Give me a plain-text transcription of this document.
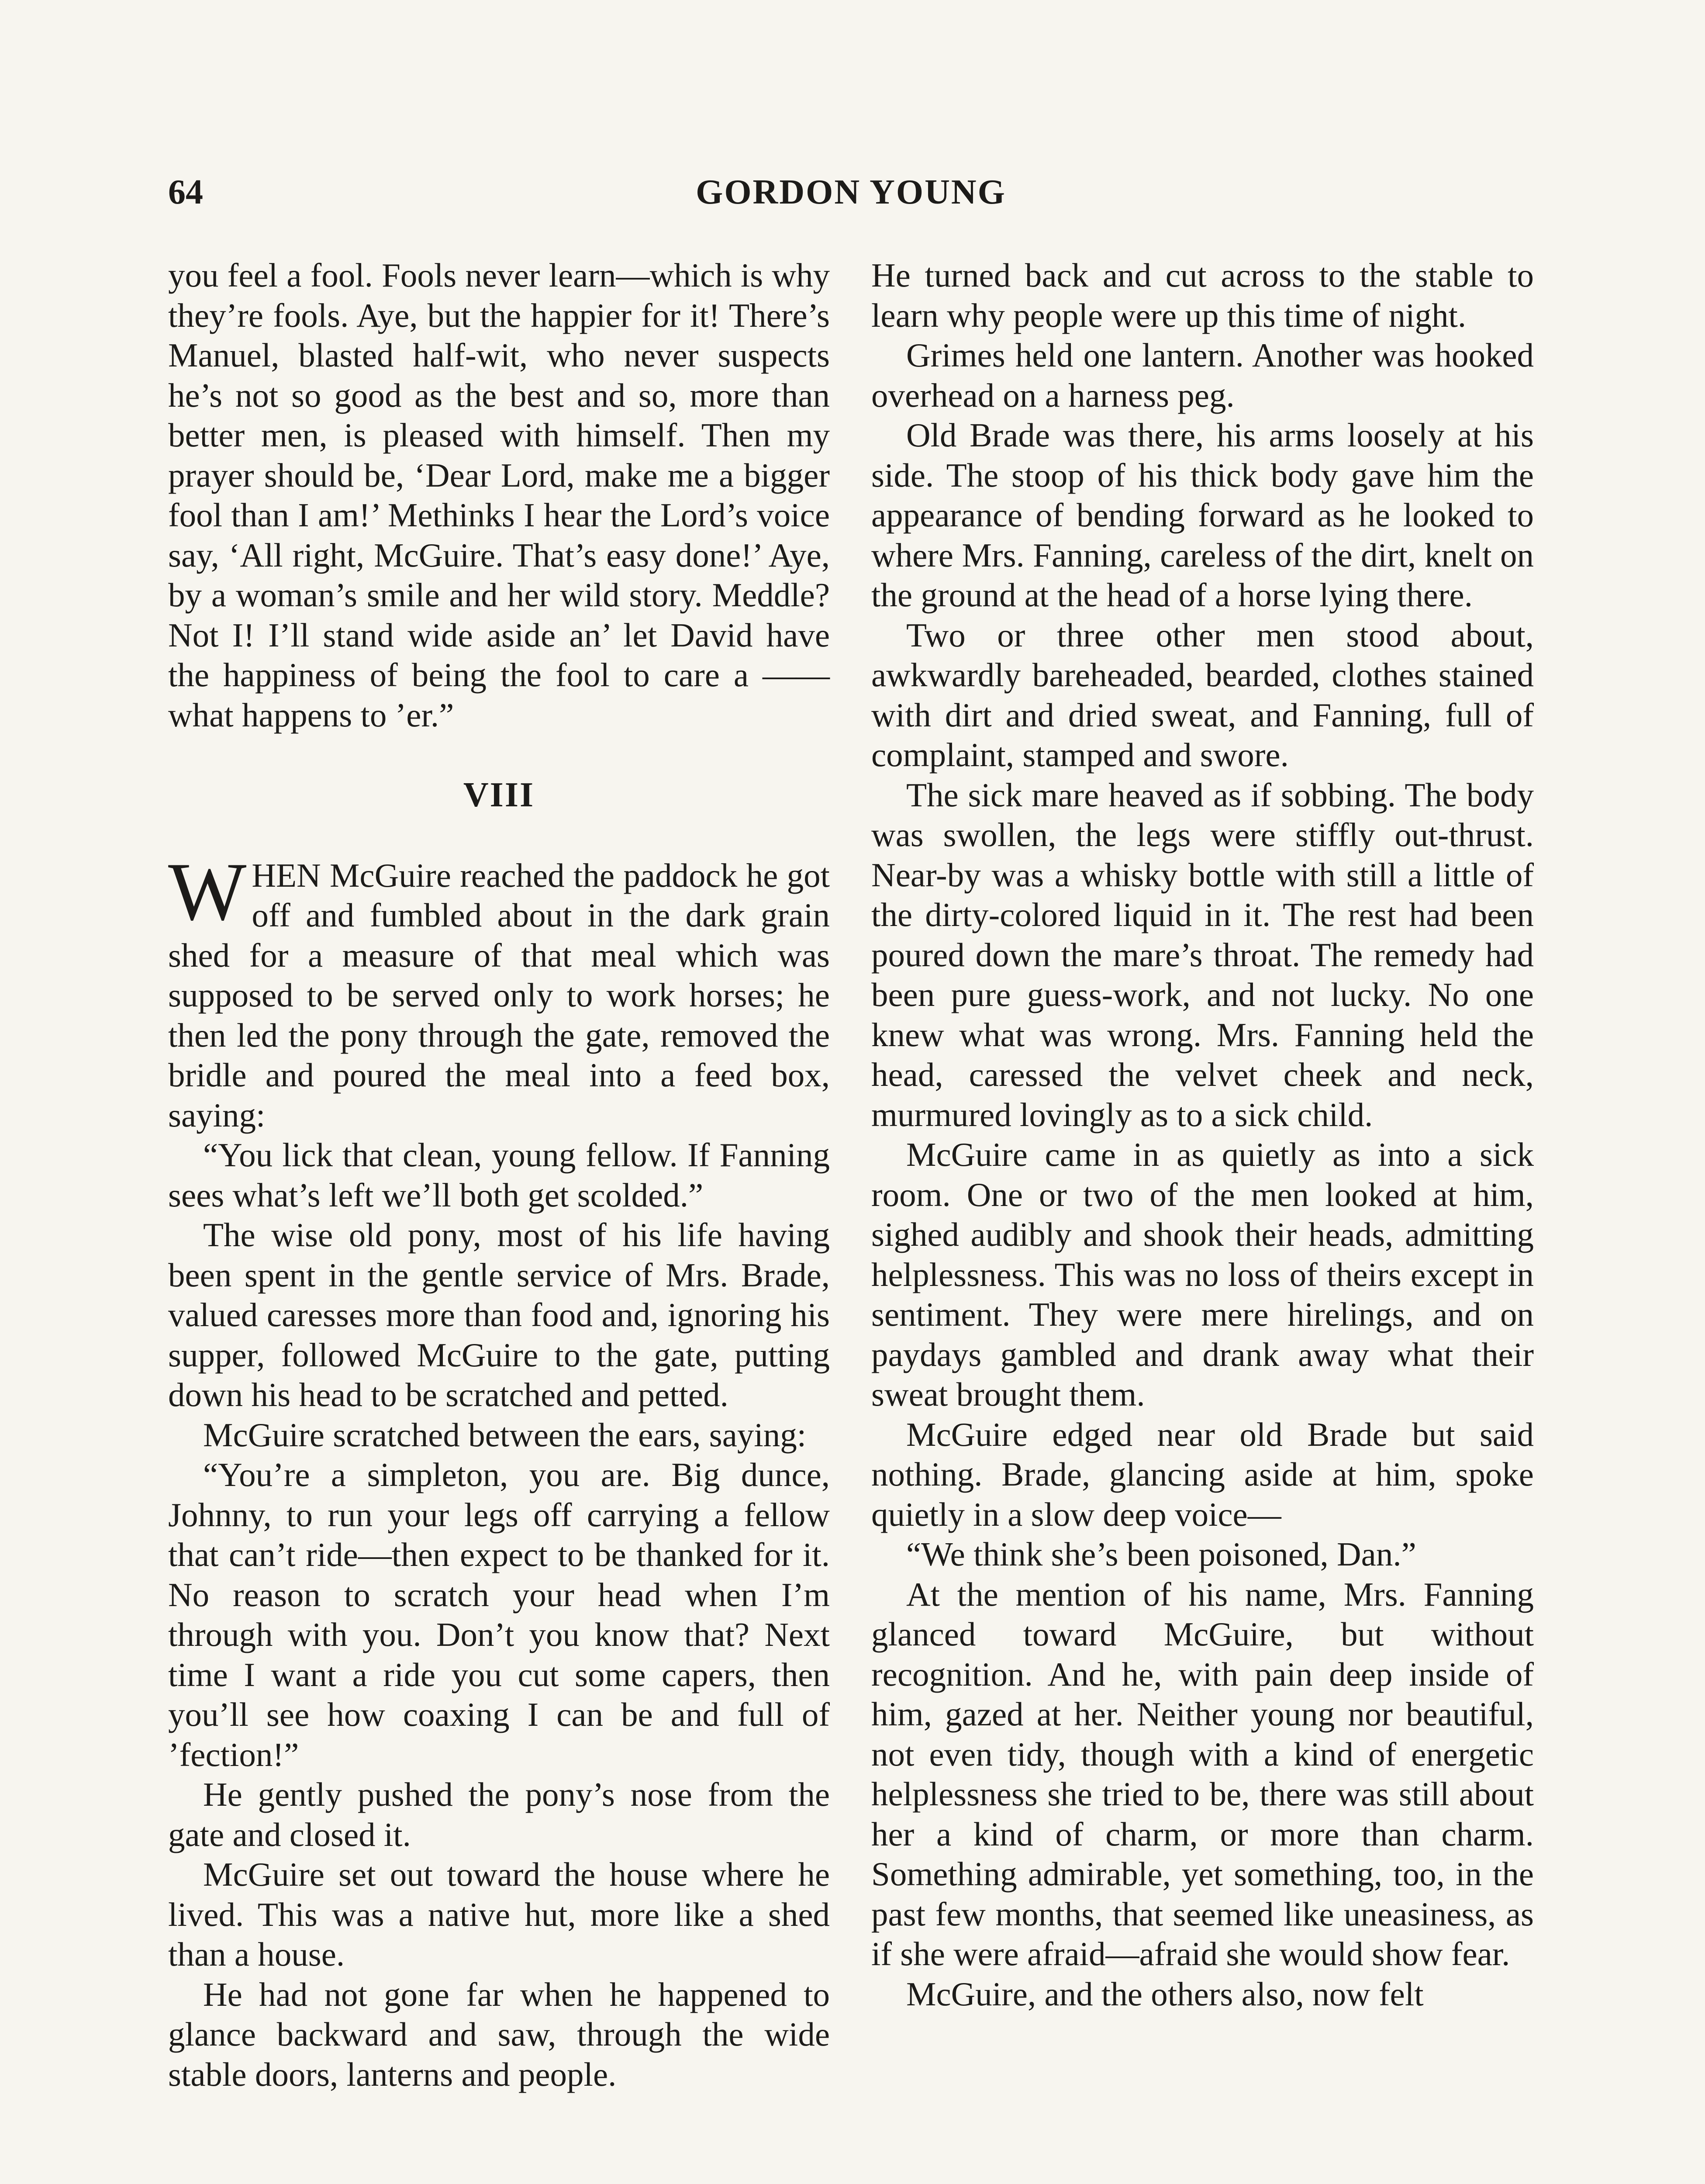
64	GORDON YOUNG

you feel a fool. Fools never learn—which is why they’re fools. Aye, but the happier for it! There’s Manuel, blasted half-wit, who never suspects he’s not so good as the best and so, more than better men, is pleased with himself. Then my prayer should be, ‘Dear Lord, make me a bigger fool than I am!’ Methinks I hear the Lord’s voice say, ‘All right, McGuire. That’s easy done!’ Aye, by a woman’s smile and her wild story. Meddle? Not I! I’ll stand wide aside an’ let David have the happiness of being the fool to care a —— what happens to ’er.”

VIII

WHEN McGuire reached the paddock he got off and fumbled about in the dark grain shed for a measure of that meal which was supposed to be served only to work horses; he then led the pony through the gate, removed the bridle and poured the meal into a feed box, saying:

“You lick that clean, young fellow. If Fanning sees what’s left we’ll both get scolded.”

The wise old pony, most of his life having been spent in the gentle service of Mrs. Brade, valued caresses more than food and, ignoring his supper, followed McGuire to the gate, putting down his head to be scratched and petted.

McGuire scratched between the ears, saying:

“You’re a simpleton, you are. Big dunce, Johnny, to run your legs off carrying a fellow that can’t ride—then expect to be thanked for it. No reason to scratch your head when I’m through with you. Don’t you know that? Next time I want a ride you cut some capers, then you’ll see how coaxing I can be and full of ’fection!”

He gently pushed the pony’s nose from the gate and closed it.

McGuire set out toward the house where he lived. This was a native hut, more like a shed than a house.

He had not gone far when he happened to glance backward and saw, through the wide stable doors, lanterns and people.

He turned back and cut across to the stable to learn why people were up this time of night.

Grimes held one lantern. Another was hooked overhead on a harness peg.

Old Brade was there, his arms loosely at his side. The stoop of his thick body gave him the appearance of bending forward as he looked to where Mrs. Fanning, careless of the dirt, knelt on the ground at the head of a horse lying there.

Two or three other men stood about, awkwardly bareheaded, bearded, clothes stained with dirt and dried sweat, and Fanning, full of complaint, stamped and swore.

The sick mare heaved as if sobbing. The body was swollen, the legs were stiffly out-thrust. Near-by was a whisky bottle with still a little of the dirty-colored liquid in it. The rest had been poured down the mare’s throat. The remedy had been pure guess-work, and not lucky. No one knew what was wrong. Mrs. Fanning held the head, caressed the velvet cheek and neck, murmured lovingly as to a sick child.

McGuire came in as quietly as into a sick room. One or two of the men looked at him, sighed audibly and shook their heads, admitting helplessness. This was no loss of theirs except in sentiment. They were mere hirelings, and on paydays gambled and drank away what their sweat brought them.

McGuire edged near old Brade but said nothing. Brade, glancing aside at him, spoke quietly in a slow deep voice—

“We think she’s been poisoned, Dan.”

At the mention of his name, Mrs. Fanning glanced toward McGuire, but without recognition. And he, with pain deep inside of him, gazed at her. Neither young nor beautiful, not even tidy, though with a kind of energetic helplessness she tried to be, there was still about her a kind of charm, or more than charm. Something admirable, yet something, too, in the past few months, that seemed like uneasiness, as if she were afraid—afraid she would show fear.

McGuire, and the others also, now felt
